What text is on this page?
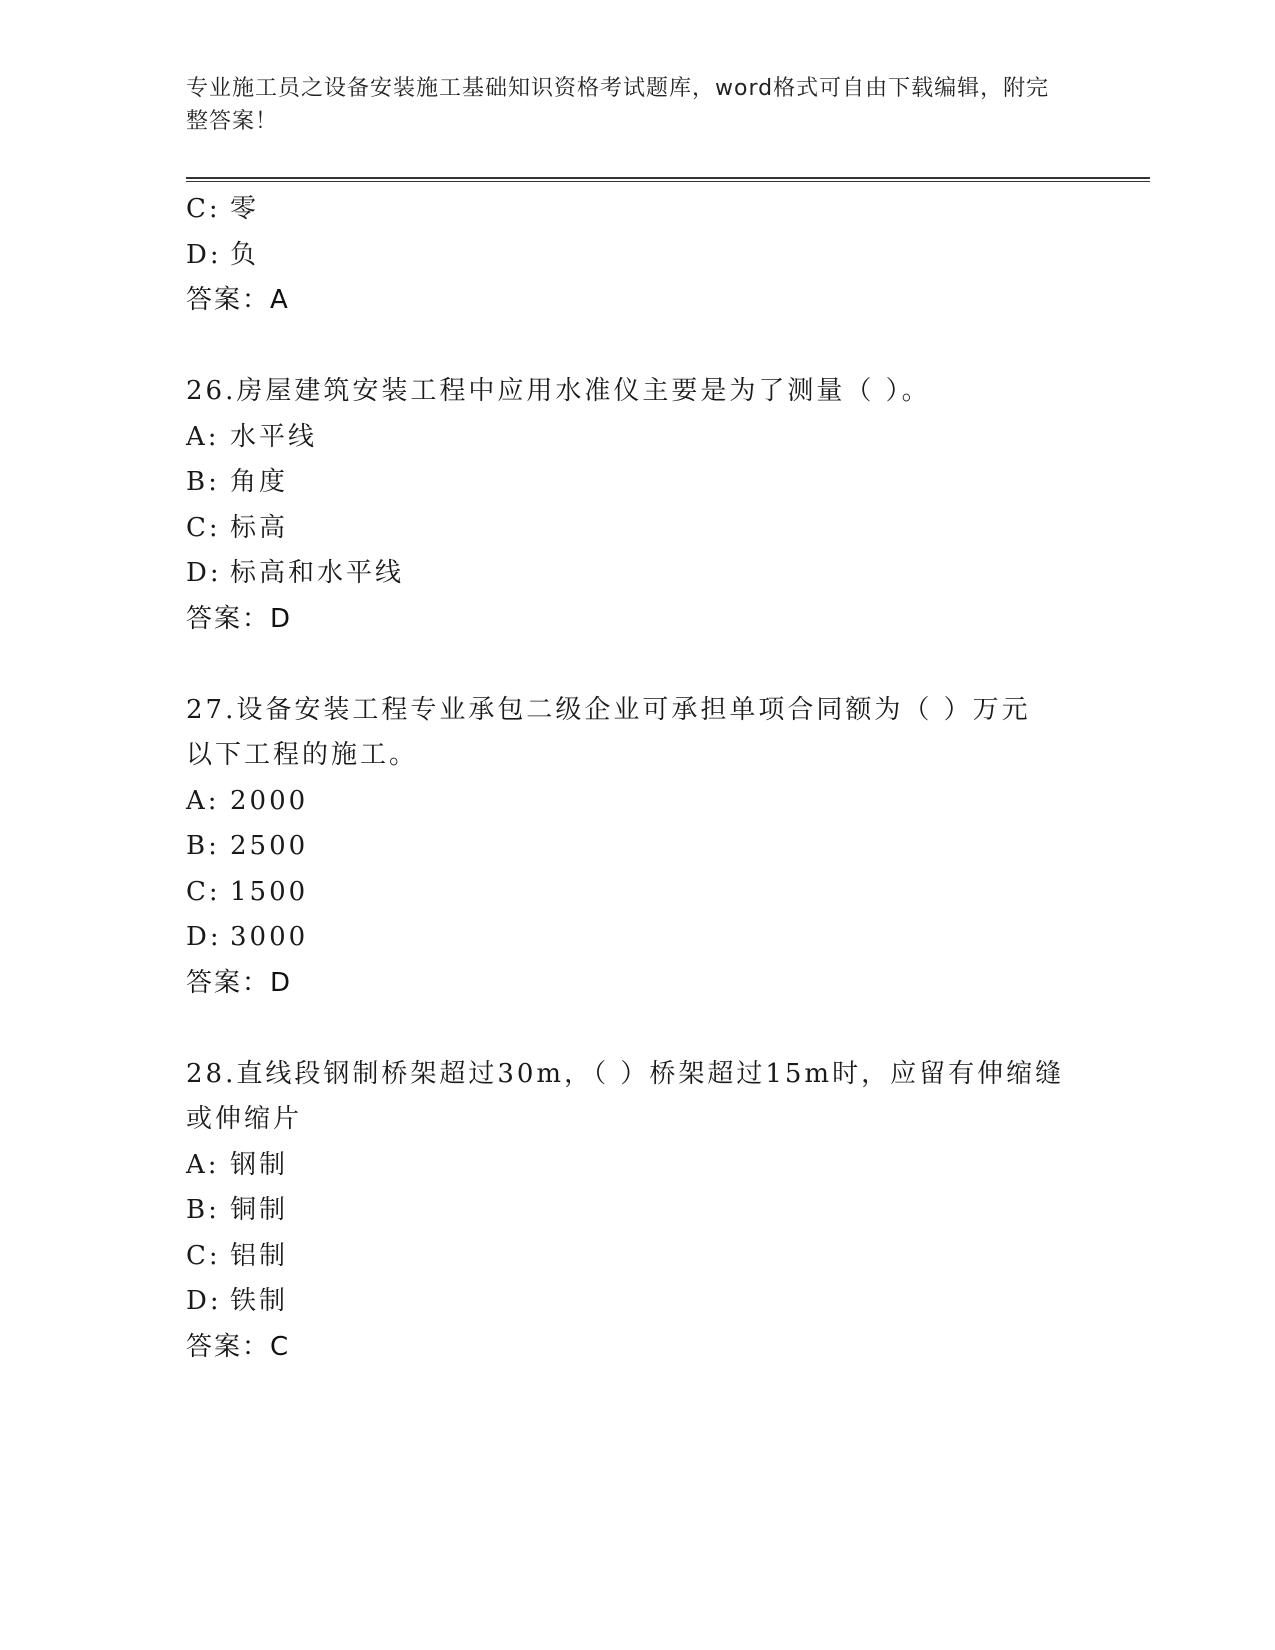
专业施工员之设备安装施工基础知识资格考试题库，word格式可自由下载编辑，附完整答案！
C: 零
D: 负
答案：A
26.房屋建筑安装工程中应用水准仪主要是为了测量（ ）。
A: 水平线
B: 角度
C: 标高
D: 标高和水平线
答案：D
27.设备安装工程专业承包二级企业可承担单项合同额为（ ）万元以下工程的施工。
A: 2000
B: 2500
C: 1500
D: 3000
答案：D
28.直线段钢制桥架超过30m，（ ）桥架超过15m时，应留有伸缩缝或伸缩片
A: 钢制
B: 铜制
C: 铝制
D: 铁制
答案：C
